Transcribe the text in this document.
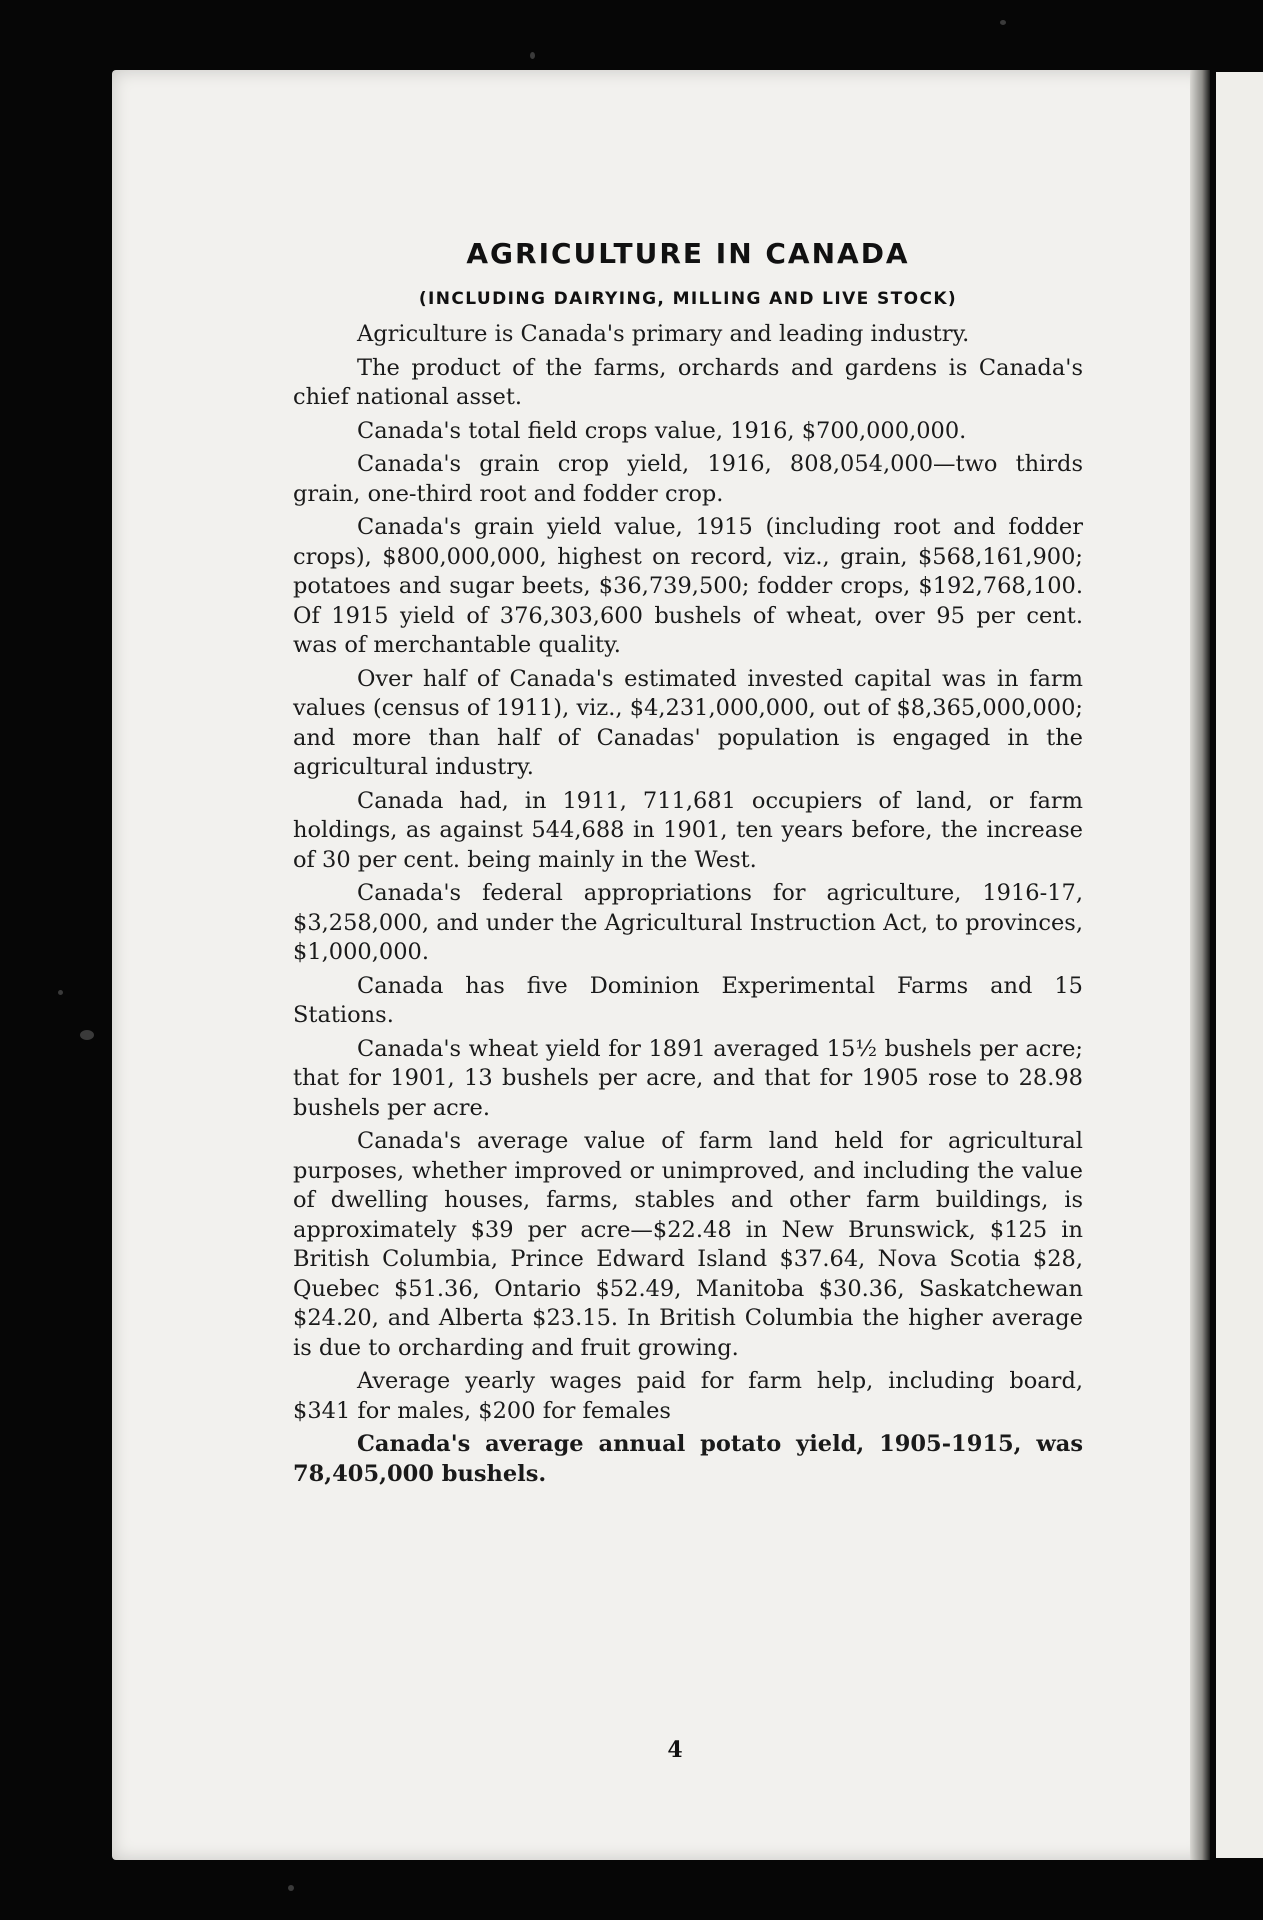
AGRICULTURE IN CANADA
(INCLUDING DAIRYING, MILLING AND LIVE STOCK)

Agriculture is Canada's primary and leading industry.

The product of the farms, orchards and gardens is Canada's chief national asset.

Canada's total field crops value, 1916, $700,000,000.

Canada's grain crop yield, 1916, 808,054,000—two thirds grain, one-third root and fodder crop.

Canada's grain yield value, 1915 (including root and fodder crops), $800,000,000, highest on record, viz., grain, $568,161,900; potatoes and sugar beets, $36,739,500; fodder crops, $192,768,100. Of 1915 yield of 376,303,600 bushels of wheat, over 95 per cent. was of merchantable quality.

Over half of Canada's estimated invested capital was in farm values (census of 1911), viz., $4,231,000,000, out of $8,365,000,000; and more than half of Canadas' population is engaged in the agricultural industry.

Canada had, in 1911, 711,681 occupiers of land, or farm holdings, as against 544,688 in 1901, ten years before, the increase of 30 per cent. being mainly in the West.

Canada's federal appropriations for agriculture, 1916-17, $3,258,000, and under the Agricultural Instruction Act, to provinces, $1,000,000.

Canada has five Dominion Experimental Farms and 15 Stations.

Canada's wheat yield for 1891 averaged 15½ bushels per acre; that for 1901, 13 bushels per acre, and that for 1905 rose to 28.98 bushels per acre.

Canada's average value of farm land held for agricultural purposes, whether improved or unimproved, and including the value of dwelling houses, farms, stables and other farm buildings, is approximately $39 per acre—$22.48 in New Brunswick, $125 in British Columbia, Prince Edward Island $37.64, Nova Scotia $28, Quebec $51.36, Ontario $52.49, Manitoba $30.36, Saskatchewan $24.20, and Alberta $23.15. In British Columbia the higher average is due to orcharding and fruit growing.

Average yearly wages paid for farm help, including board, $341 for males, $200 for females

Canada's average annual potato yield, 1905-1915, was 78,405,000 bushels.

4
